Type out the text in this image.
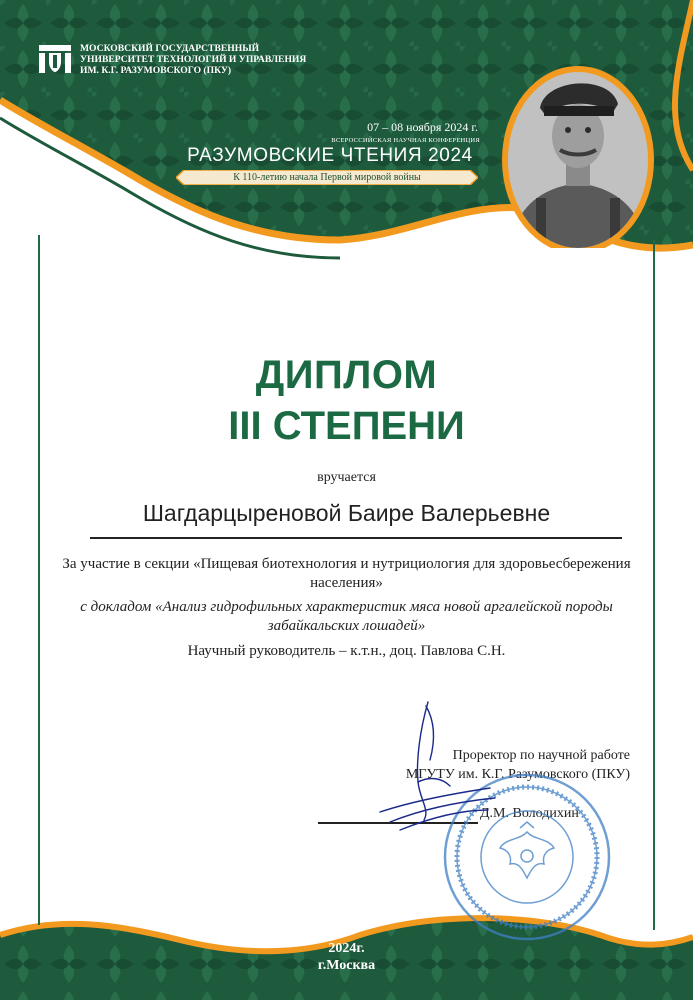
МОСКОВСКИЙ ГОСУДАРСТВЕННЫЙ
УНИВЕРСИТЕТ ТЕХНОЛОГИЙ И УПРАВЛЕНИЯ
ИМ. К.Г. РАЗУМОВСКОГО (ПКУ)
07 – 08 ноября 2024 г.
ВСЕРОССИЙСКАЯ НАУЧНАЯ КОНФЕРЕНЦИЯ
РАЗУМОВСКИЕ ЧТЕНИЯ 2024
К 110-летию начала Первой мировой войны
ДИПЛОМ
III СТЕПЕНИ
вручается
Шагдарцыреновой Баире Валерьевне
За участие в секции «Пищевая биотехнология и нутрициология для здоровьесбережения населения»
с докладом «Анализ гидрофильных характеристик мяса новой аргалейской породы забайкальских лошадей»
Научный руководитель – к.т.н., доц. Павлова С.Н.
Проректор по научной работе
МГУТУ им. К.Г. Разумовского (ПКУ)
Д.М. Володихин
2024г.
г.Москва
